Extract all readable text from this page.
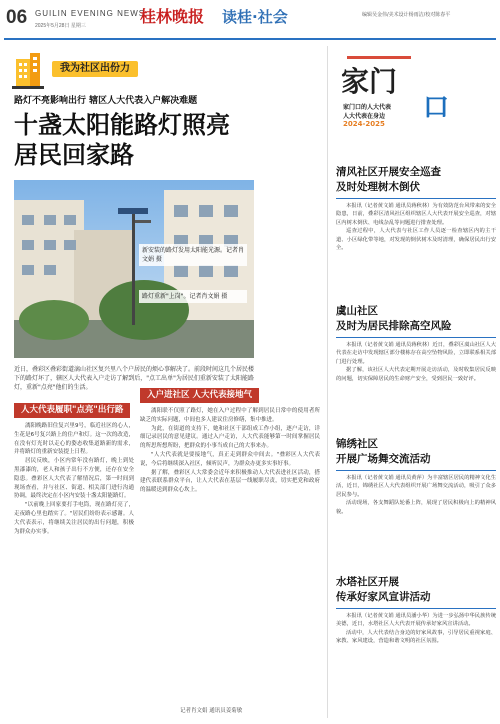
06 GUILIN EVENING NEWS
2025年5月28日 星期三	桂林晚报 读桂·社会	编辑吴金伟/美术设计杨雨洁/校对陈春平
我为社区出份力
路灯不亮影响出行 辖区人大代表入户解决难题
十盏太阳能路灯照亮居民回家路
新安装的路灯发用太阳能光源。记者肖文娟 摄
路灯重新"上岗"。记者肖文娟 摄
近日，叠彩区叠彩街道漓山社区复兴里八个户居民的烦心事解决了。前段时间这几个居民楼下的路灯坏了，辖区人大代表入户走访了解到后，"点工出单"为居民们重新安装了太阳能路灯，重新"点亮"他们的生活。
人大代表履职"点亮"出行路

漓阳晚路旧住复兴里9号，临近社区的心人，生花是6号复兴路上的住户和灯。这一次的改造，在没有灯光时以走心的姿态收集道路新的需求，并将路灯的重新安装提上日程。

居民反映，小区内常年没有路灯，晚上到处黑漆漆的，老人和孩子出行不方便，还存在安全隐患。叠彩区人大代表了解情况后，第一时间到现场查看，并与社区、街道、相关部门进行沟通协调，最终决定在小区内安装十盏太阳能路灯。

"以前晚上回家要打手电筒，现在路灯亮了，走夜路心里也踏实了。"居民们纷纷表示感谢。人大代表表示，将继续关注居民的出行问题，积极为群众办实事。

入户进社区 人大代表接地气

漓阳联不仅照了路灯，她在入户过程中了解到居民日常中的使用者所缺乏的实际问题，中间也多人建议住房修缮，集中推进。

为此，在街道的支持下，她和社区干部组成工作小组，逐户走访，详细记录居民的意见建议。通过入户走访，人大代表能够第一时间掌握居民的所思所想所盼，把群众的小事当成自己的大事来办。

"人大代表就是要接地气，真正走到群众中间去。"叠彩区人大代表说，今后将继续深入社区，倾听民声，为群众办更多实事好事。

据了解，叠彩区人大常委会近年来积极推动人大代表进社区活动，搭建代表联系群众平台，让人大代表在基层一线履职尽责，切实把党和政府的温暖送到群众心坎上。

记者肖文娟 通讯员姜菊敏
家门
口
家门口的人大代表
人大代表在身边
2024-2025
清风社区开展安全巡查
及时处理树木倒伏

本报讯（记者黄文娟 通讯员蒋秋林）为有效防范台风带来的安全隐患，日前，叠彩区清风社区组织辖区人大代表开展安全巡查，对辖区内树木倒伏、电线杂乱等问题进行排查处理。

巡查过程中，人大代表与社区工作人员逐一检查辖区内的主干道、小区绿化带等地，对发现的倒伏树木及时清理，确保居民出行安全。

虞山社区
及时为居民排除高空风险

本报讯（记者黄文娟 通讯员蒋秋林）近日，叠彩区虞山社区人大代表在走访中发现辖区部分楼栋存在高空坠物风险，立即联系相关部门进行处理。

据了解，该社区人大代表定期开展走访活动，及时收集居民反映的问题，切实保障居民的生命财产安全，受到居民一致好评。

锦绣社区
开展广场舞交流活动

本报讯（记者黄文娟 通讯员黄萍）为丰富辖区居民的精神文化生活，近日，锦绣社区人大代表组织开展广场舞交流活动，吸引了众多居民参与。

活动现场，各支舞蹈队轮番上阵，展现了居民积极向上的精神风貌。

水塔社区开展
传承好家风宣讲活动

本报讯（记者黄文娟 通讯员潘小华）为进一步弘扬中华民族传统美德，近日，水塔社区人大代表开展传承好家风宣讲活动。

活动中，人大代表结合身边的好家风故事，引导居民重视家庭、家教、家风建设，营造和谐文明的社区氛围。
